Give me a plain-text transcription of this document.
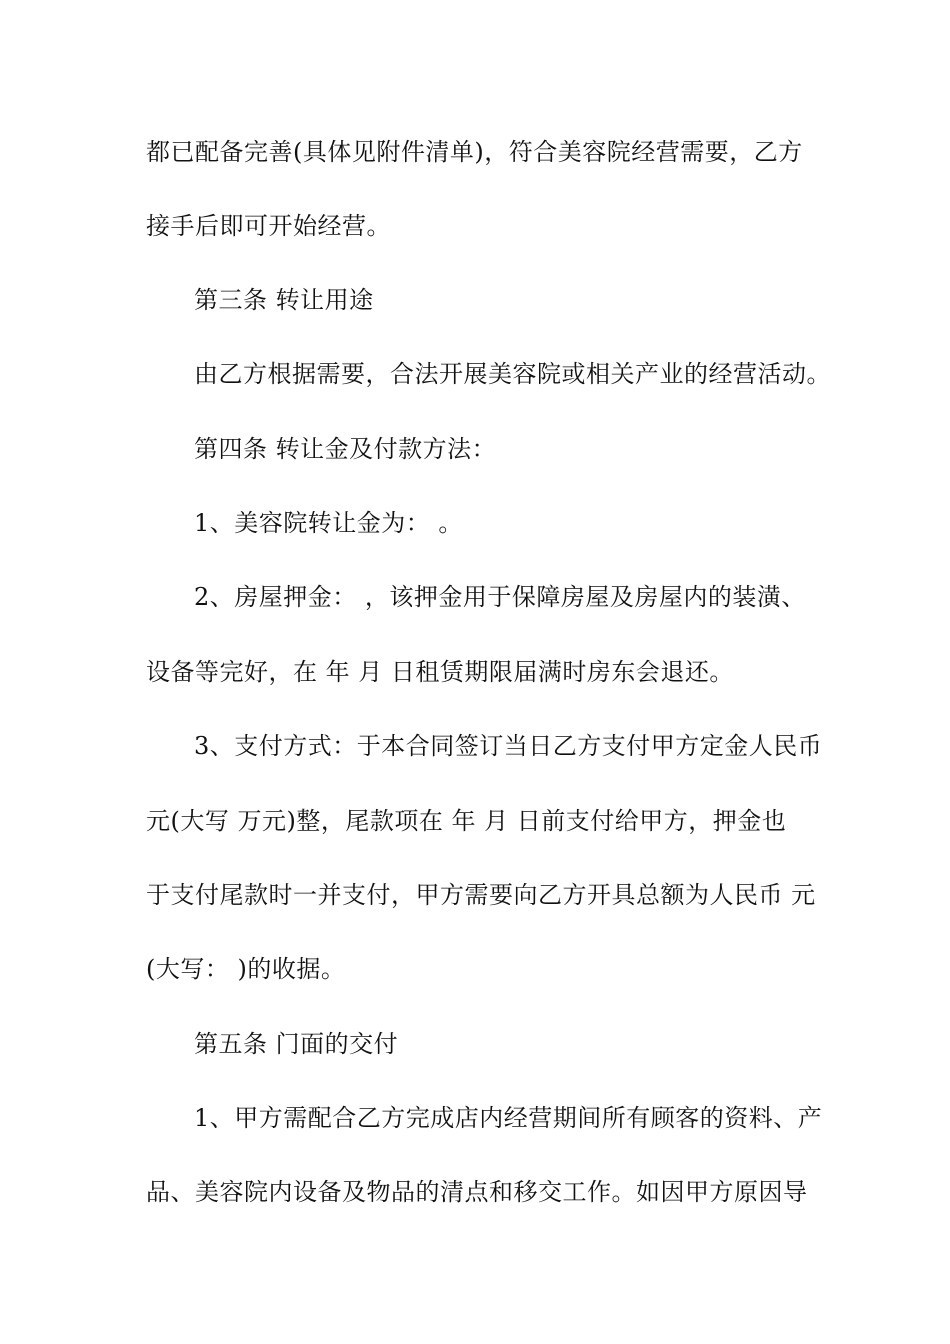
都已配备完善(具体见附件清单)，符合美容院经营需要，乙方
接手后即可开始经营。
第三条 转让用途
由乙方根据需要，合法开展美容院或相关产业的经营活动。
第四条 转让金及付款方法：
1、美容院转让金为： 。
2、房屋押金： ，该押金用于保障房屋及房屋内的装潢、
设备等完好，在 年 月 日租赁期限届满时房东会退还。
3、支付方式：于本合同签订当日乙方支付甲方定金人民币
元(大写 万元)整，尾款项在 年 月 日前支付给甲方，押金也
于支付尾款时一并支付，甲方需要向乙方开具总额为人民币 元
(大写： )的收据。
第五条 门面的交付
1、甲方需配合乙方完成店内经营期间所有顾客的资料、产
品、美容院内设备及物品的清点和移交工作。如因甲方原因导
